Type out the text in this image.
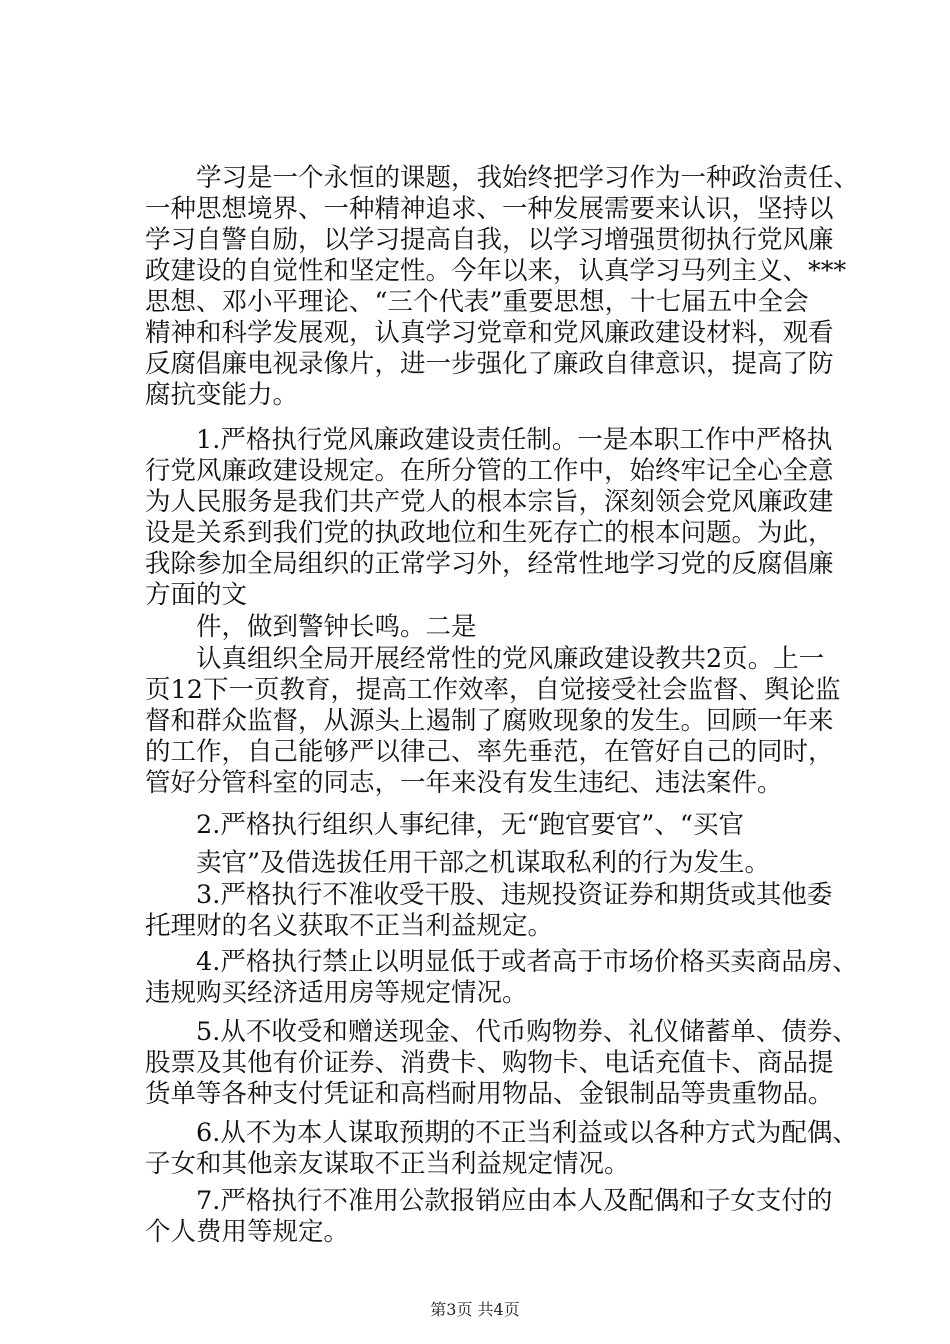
　　学习是一个永恒的课题，我始终把学习作为一种政治责任、
一种思想境界、一种精神追求、一种发展需要来认识，坚持以
学习自警自励，以学习提高自我，以学习增强贯彻执行党风廉
政建设的自觉性和坚定性。今年以来，认真学习马列主义、***
思想、邓小平理论、“三个代表”重要思想，十七届五中全会
精神和科学发展观，认真学习党章和党风廉政建设材料，观看
反腐倡廉电视录像片，进一步强化了廉政自律意识，提高了防
腐抗变能力。
　　1.严格执行党风廉政建设责任制。一是本职工作中严格执
行党风廉政建设规定。在所分管的工作中，始终牢记全心全意
为人民服务是我们共产党人的根本宗旨，深刻领会党风廉政建
设是关系到我们党的执政地位和生死存亡的根本问题。为此，
我除参加全局组织的正常学习外，经常性地学习党的反腐倡廉
方面的文
　　件，做到警钟长鸣。二是
　　认真组织全局开展经常性的党风廉政建设教共2页。上一
页12下一页教育，提高工作效率，自觉接受社会监督、舆论监
督和群众监督，从源头上遏制了腐败现象的发生。回顾一年来
的工作，自己能够严以律己、率先垂范，在管好自己的同时，
管好分管科室的同志，一年来没有发生违纪、违法案件。
　　2.严格执行组织人事纪律，无“跑官要官”、“买官
　　卖官”及借选拔任用干部之机谋取私利的行为发生。
　　3.严格执行不准收受干股、违规投资证券和期货或其他委
托理财的名义获取不正当利益规定。
　　4.严格执行禁止以明显低于或者高于市场价格买卖商品房、
违规购买经济适用房等规定情况。
　　5.从不收受和赠送现金、代币购物券、礼仪储蓄单、债券、
股票及其他有价证券、消费卡、购物卡、电话充值卡、商品提
货单等各种支付凭证和高档耐用物品、金银制品等贵重物品。
　　6.从不为本人谋取预期的不正当利益或以各种方式为配偶、
子女和其他亲友谋取不正当利益规定情况。
　　7.严格执行不准用公款报销应由本人及配偶和子女支付的
个人费用等规定。
第3页 共4页
